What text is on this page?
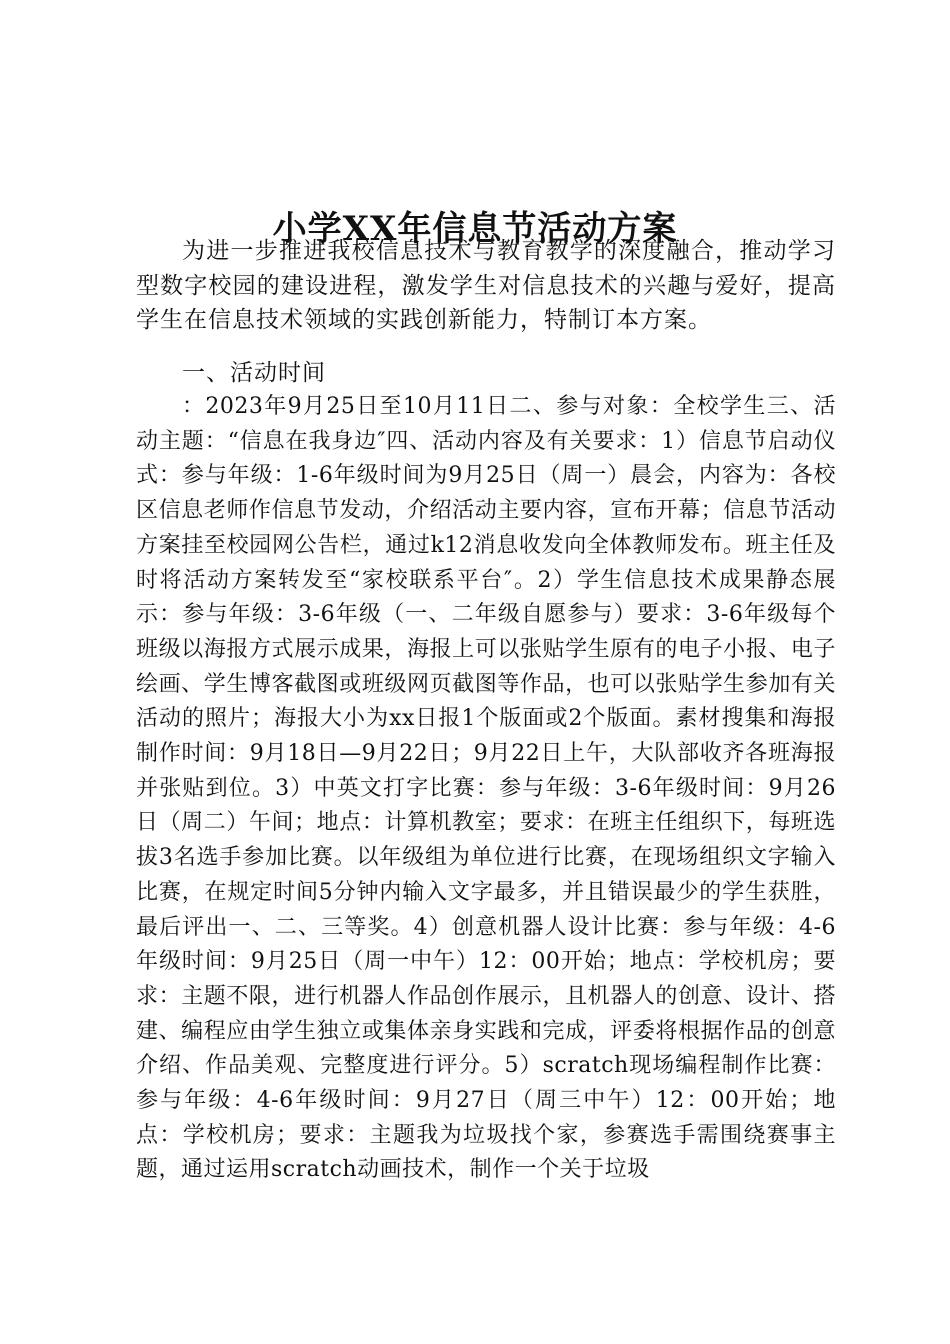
小学XX年信息节活动方案

为进一步推进我校信息技术与教育教学的深度融合，推动学习型数字校园的建设进程，激发学生对信息技术的兴趣与爱好，提高学生在信息技术领域的实践创新能力，特制订本方案。

一、活动时间

：2023年9月25日至10月11日二、参与对象：全校学生三、活动主题：“信息在我身边″四、活动内容及有关要求：1）信息节启动仪式：参与年级：1-6年级时间为9月25日（周一）晨会，内容为：各校区信息老师作信息节发动，介绍活动主要内容，宣布开幕；信息节活动方案挂至校园网公告栏，通过k12消息收发向全体教师发布。班主任及时将活动方案转发至“家校联系平台″。2）学生信息技术成果静态展示：参与年级：3-6年级（一、二年级自愿参与）要求：3-6年级每个班级以海报方式展示成果，海报上可以张贴学生原有的电子小报、电子绘画、学生博客截图或班级网页截图等作品，也可以张贴学生参加有关活动的照片；海报大小为xx日报1个版面或2个版面。素材搜集和海报制作时间：9月18日—9月22日；9月22日上午，大队部收齐各班海报并张贴到位。3）中英文打字比赛：参与年级：3-6年级时间：9月26日（周二）午间；地点：计算机教室；要求：在班主任组织下，每班选拔3名选手参加比赛。以年级组为单位进行比赛，在现场组织文字输入比赛，在规定时间5分钟内输入文字最多，并且错误最少的学生获胜，最后评出一、二、三等奖。4）创意机器人设计比赛：参与年级：4-6年级时间：9月25日（周一中午）12：00开始；地点：学校机房；要求：主题不限，进行机器人作品创作展示，且机器人的创意、设计、搭建、编程应由学生独立或集体亲身实践和完成，评委将根据作品的创意介绍、作品美观、完整度进行评分。5）scratch现场编程制作比赛：参与年级：4-6年级时间：9月27日（周三中午）12：00开始；地点：学校机房；要求：主题我为垃圾找个家，参赛选手需围绕赛事主题，通过运用scratch动画技术，制作一个关于垃圾
